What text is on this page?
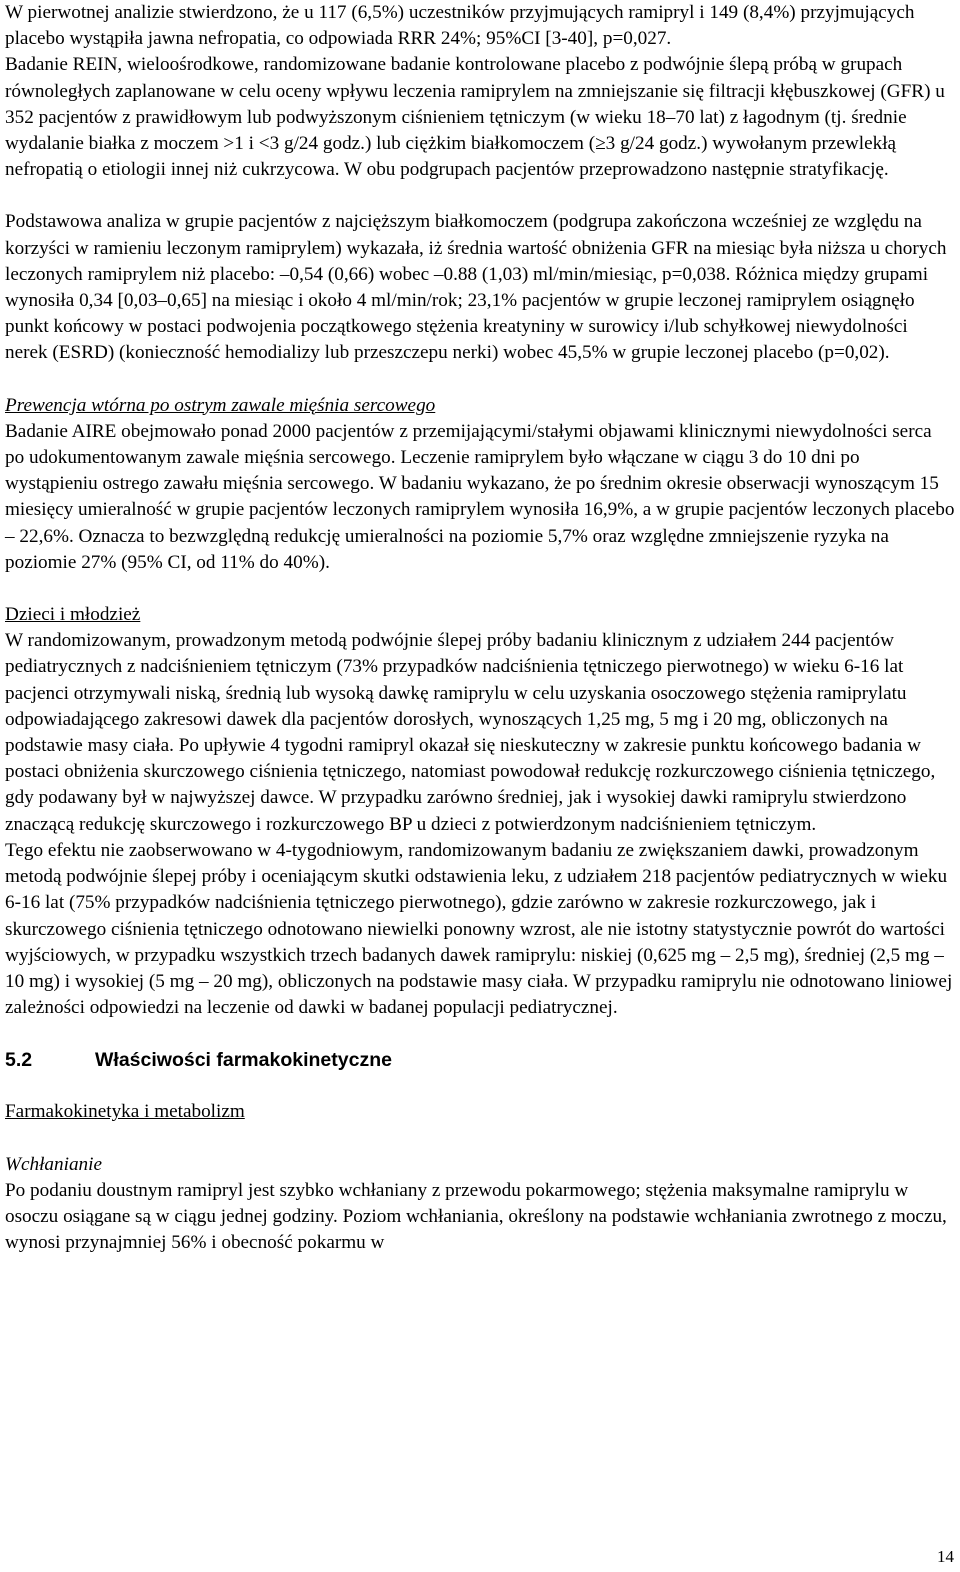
W pierwotnej analizie stwierdzono, że u 117 (6,5%) uczestników przyjmujących ramipryl i 149 (8,4%) przyjmujących placebo wystąpiła jawna nefropatia, co odpowiada RRR 24%; 95%CI [3-40], p=0,027.

Badanie REIN, wieloośrodkowe, randomizowane badanie kontrolowane placebo z podwójnie ślepą próbą w grupach równoległych zaplanowane w celu oceny wpływu leczenia ramiprylem na zmniejszanie się filtracji kłębuszkowej (GFR) u 352 pacjentów z prawidłowym lub podwyższonym ciśnieniem tętniczym (w wieku 18–70 lat) z łagodnym (tj. średnie wydalanie białka z moczem >1 i <3 g/24 godz.) lub ciężkim białkomoczem (≥3 g/24 godz.) wywołanym przewlekłą nefropatią o etiologii innej niż cukrzycowa. W obu podgrupach pacjentów przeprowadzono następnie stratyfikację.

Podstawowa analiza w grupie pacjentów z najcięższym białkomoczem (podgrupa zakończona wcześniej ze względu na korzyści w ramieniu leczonym ramiprylem) wykazała, iż średnia wartość obniżenia GFR na miesiąc była niższa u chorych leczonych ramiprylem niż placebo: –0,54 (0,66) wobec –0.88 (1,03) ml/min/miesiąc, p=0,038. Różnica między grupami wynosiła 0,34 [0,03–0,65] na miesiąc i około 4 ml/min/rok; 23,1% pacjentów w grupie leczonej ramiprylem osiągnęło punkt końcowy w postaci podwojenia początkowego stężenia kreatyniny w surowicy i/lub schyłkowej niewydolności nerek (ESRD) (konieczność hemodializy lub przeszczepu nerki) wobec 45,5% w grupie leczonej placebo (p=0,02).

Prewencja wtórna po ostrym zawale mięśnia sercowego

Badanie AIRE obejmowało ponad 2000 pacjentów z przemijającymi/stałymi objawami klinicznymi niewydolności serca po udokumentowanym zawale mięśnia sercowego. Leczenie ramiprylem było włączane w ciągu 3 do 10 dni po wystąpieniu ostrego zawału mięśnia sercowego. W badaniu wykazano, że po średnim okresie obserwacji wynoszącym 15 miesięcy umieralność w grupie pacjentów leczonych ramiprylem wynosiła 16,9%, a w grupie pacjentów leczonych placebo – 22,6%. Oznacza to bezwzględną redukcję umieralności na poziomie 5,7% oraz względne zmniejszenie ryzyka na poziomie 27% (95% CI, od 11% do 40%).

Dzieci i młodzież

W randomizowanym, prowadzonym metodą podwójnie ślepej próby badaniu klinicznym z udziałem 244 pacjentów pediatrycznych z nadciśnieniem tętniczym (73% przypadków nadciśnienia tętniczego pierwotnego) w wieku 6-16 lat pacjenci otrzymywali niską, średnią lub wysoką dawkę ramiprylu w celu uzyskania osoczowego stężenia ramiprylatu odpowiadającego zakresowi dawek dla pacjentów dorosłych, wynoszących 1,25 mg, 5 mg i 20 mg, obliczonych na podstawie masy ciała. Po upływie 4 tygodni ramipryl okazał się nieskuteczny w zakresie punktu końcowego badania w postaci obniżenia skurczowego ciśnienia tętniczego, natomiast powodował redukcję rozkurczowego ciśnienia tętniczego, gdy podawany był w najwyższej dawce. W przypadku zarówno średniej, jak i wysokiej dawki ramiprylu stwierdzono znaczącą redukcję skurczowego i rozkurczowego BP u dzieci z potwierdzonym nadciśnieniem tętniczym.

Tego efektu nie zaobserwowano w 4-tygodniowym, randomizowanym badaniu ze zwiększaniem dawki, prowadzonym metodą podwójnie ślepej próby i oceniającym skutki odstawienia leku, z udziałem 218 pacjentów pediatrycznych w wieku 6-16 lat (75% przypadków nadciśnienia tętniczego pierwotnego), gdzie zarówno w zakresie rozkurczowego, jak i skurczowego ciśnienia tętniczego odnotowano niewielki ponowny wzrost, ale nie istotny statystycznie powrót do wartości wyjściowych, w przypadku wszystkich trzech badanych dawek ramiprylu: niskiej (0,625 mg – 2,5 mg), średniej (2,5 mg – 10 mg) i wysokiej (5 mg – 20 mg), obliczonych na podstawie masy ciała. W przypadku ramiprylu nie odnotowano liniowej zależności odpowiedzi na leczenie od dawki w badanej populacji pediatrycznej.

5.2	Właściwości farmakokinetyczne

Farmakokinetyka i metabolizm

Wchłanianie

Po podaniu doustnym ramipryl jest szybko wchłaniany z przewodu pokarmowego; stężenia maksymalne ramiprylu w osoczu osiągane są w ciągu jednej godziny. Poziom wchłaniania, określony na podstawie wchłaniania zwrotnego z moczu, wynosi przynajmniej 56% i obecność pokarmu w

14
